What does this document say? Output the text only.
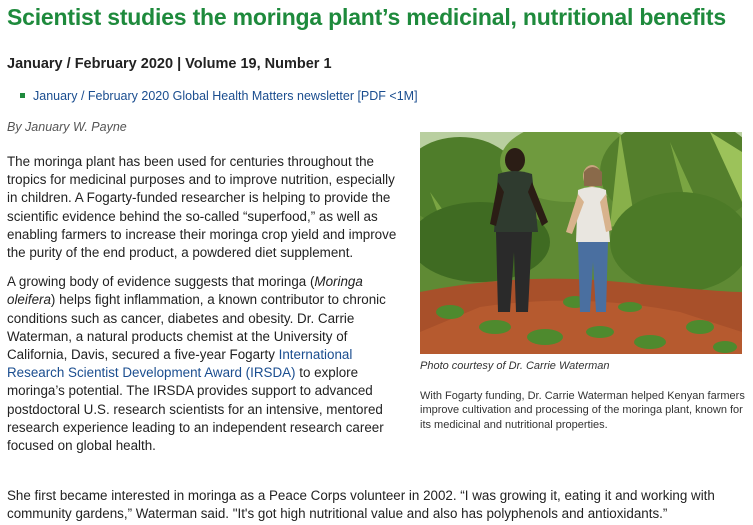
Scientist studies the moringa plant’s medicinal, nutritional benefits
January / February 2020 | Volume 19, Number 1
January / February 2020 Global Health Matters newsletter [PDF <1M]
By January W. Payne

The moringa plant has been used for centuries throughout the tropics for medicinal purposes and to improve nutrition, especially in children. A Fogarty-funded researcher is helping to provide the scientific evidence behind the so-called “superfood,” as well as enabling farmers to increase their moringa crop yield and improve the purity of the end product, a powdered diet supplement.

A growing body of evidence suggests that moringa (Moringa oleifera) helps fight inflammation, a known contributor to chronic conditions such as cancer, diabetes and obesity. Dr. Carrie Waterman, a natural products chemist at the University of California, Davis, secured a five-year Fogarty International Research Scientist Development Award (IRSDA) to explore moringa’s potential. The IRSDA provides support to advanced postdoctoral U.S. research scientists for an intensive, mentored research experience leading to an independent research career focused on global health.

Photo courtesy of Dr. Carrie Waterman
With Fogarty funding, Dr. Carrie Waterman helped Kenyan farmers improve cultivation and processing of the moringa plant, known for its medicinal and nutritional properties.

She first became interested in moringa as a Peace Corps volunteer in 2002. “I was growing it, eating it and working with community gardens,” Waterman said. "It's got high nutritional value and also has polyphenols and antioxidants.”
